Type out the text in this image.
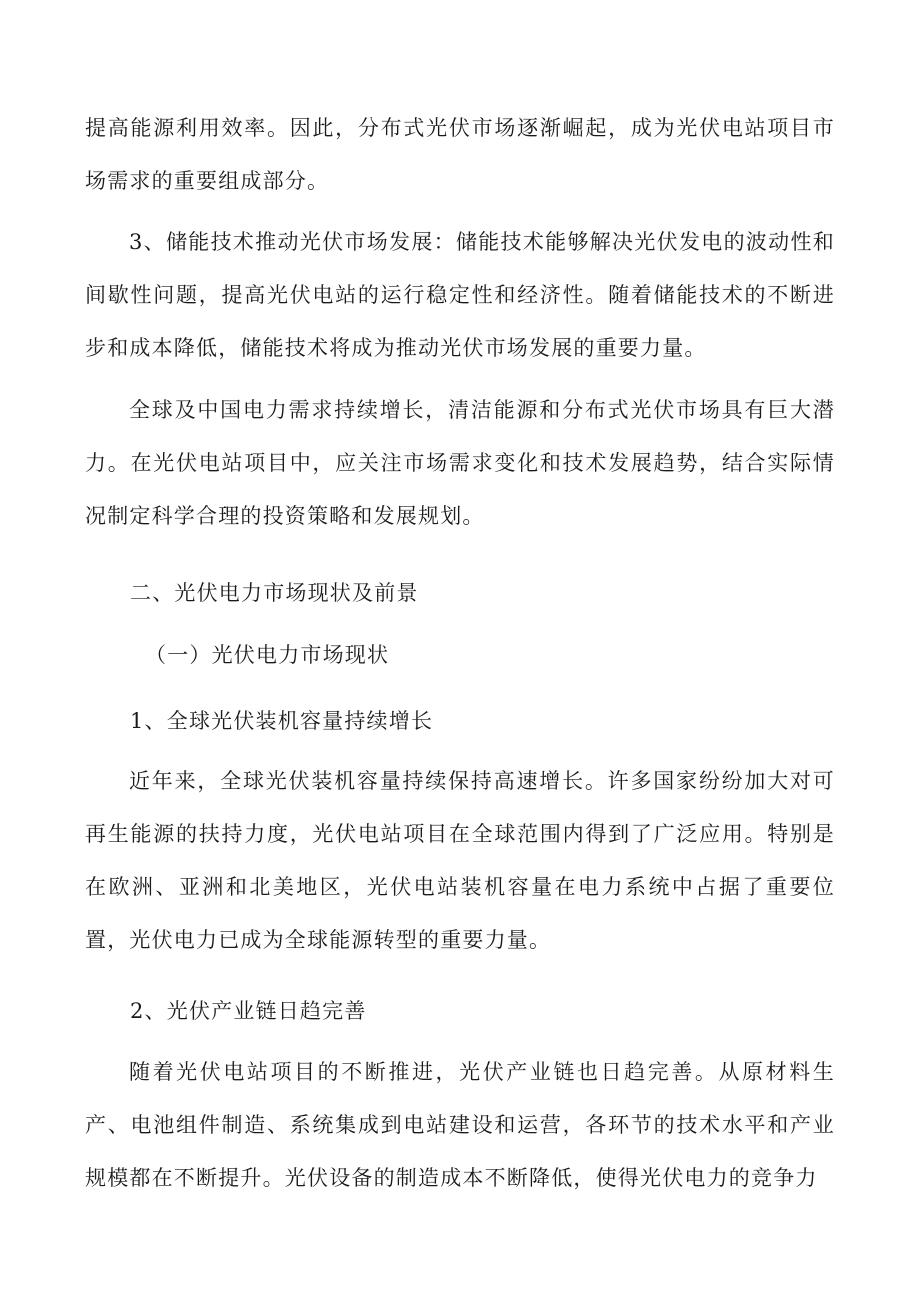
提高能源利用效率。因此，分布式光伏市场逐渐崛起，成为光伏电站项目市场需求的重要组成部分。

3、储能技术推动光伏市场发展：储能技术能够解决光伏发电的波动性和间歇性问题，提高光伏电站的运行稳定性和经济性。随着储能技术的不断进步和成本降低，储能技术将成为推动光伏市场发展的重要力量。

全球及中国电力需求持续增长，清洁能源和分布式光伏市场具有巨大潜力。在光伏电站项目中，应关注市场需求变化和技术发展趋势，结合实际情况制定科学合理的投资策略和发展规划。

二、光伏电力市场现状及前景

（一）光伏电力市场现状

1、全球光伏装机容量持续增长

近年来，全球光伏装机容量持续保持高速增长。许多国家纷纷加大对可再生能源的扶持力度，光伏电站项目在全球范围内得到了广泛应用。特别是在欧洲、亚洲和北美地区，光伏电站装机容量在电力系统中占据了重要位置，光伏电力已成为全球能源转型的重要力量。

2、光伏产业链日趋完善

随着光伏电站项目的不断推进，光伏产业链也日趋完善。从原材料生产、电池组件制造、系统集成到电站建设和运营，各环节的技术水平和产业规模都在不断提升。光伏设备的制造成本不断降低，使得光伏电力的竞争力
